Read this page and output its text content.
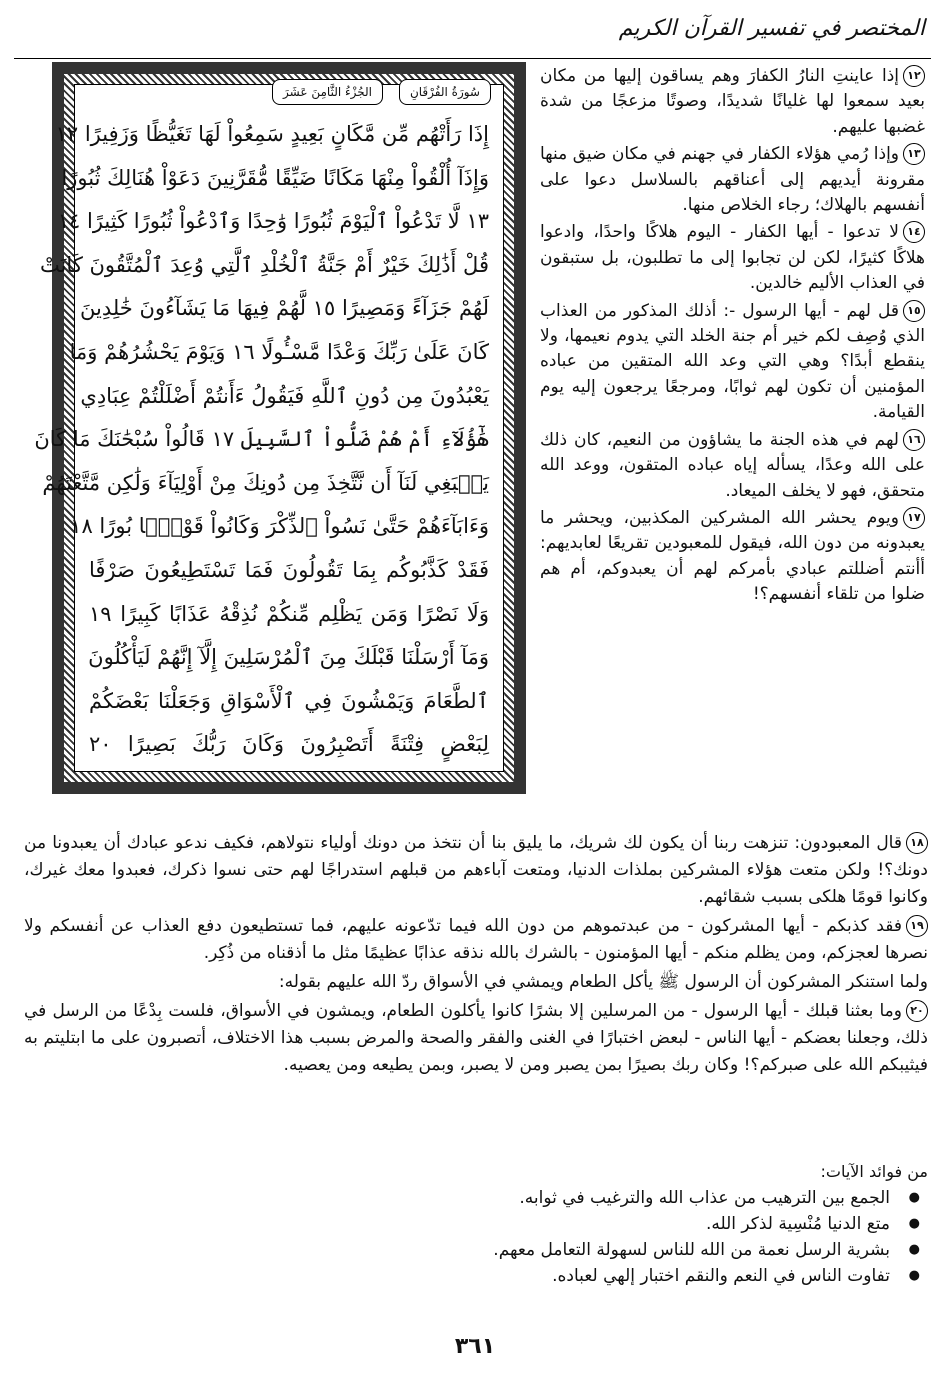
المختصر في تفسير القرآن الكريم
سُورَةُ الفُرْقَانِ
الجُزْءُ الثَّامِنَ عَشَرَ
إِذَا رَأَتْهُم مِّن مَّكَانٍ بَعِيدٍ سَمِعُواْ لَهَا تَغَيُّظًا وَزَفِيرًا ١٢
وَإِذَآ أُلْقُواْ مِنْهَا مَكَانًا ضَيِّقًا مُّقَرَّنِينَ دَعَوْاْ هُنَالِكَ ثُبُورًا
١٣ لَّا تَدْعُواْ ٱلْيَوْمَ ثُبُورًا وَٰحِدًا وَٱدْعُواْ ثُبُورًا كَثِيرًا ١٤
قُلْ أَذَٰلِكَ خَيْرٌ أَمْ جَنَّةُ ٱلْخُلْدِ ٱلَّتِي وُعِدَ ٱلْمُتَّقُونَ كَانَتْ
لَهُمْ جَزَآءً وَمَصِيرًا ١٥ لَّهُمْ فِيهَا مَا يَشَآءُونَ خَٰلِدِينَ
كَانَ عَلَىٰ رَبِّكَ وَعْدًا مَّسْـُٔولًا ١٦ وَيَوْمَ يَحْشُرُهُمْ وَمَا
يَعْبُدُونَ مِن دُونِ ٱللَّهِ فَيَقُولُ ءَأَنتُمْ أَضْلَلْتُمْ عِبَادِي
هَٰٓؤُلَآءِ أَمْ هُمْ ضَلُّواْ ٱلسَّبِيلَ ١٧ قَالُواْ سُبْحَٰنَكَ مَا كَانَ
يَنۢبَغِي لَنَآ أَن نَّتَّخِذَ مِن دُونِكَ مِنْ أَوْلِيَآءَ وَلَٰكِن مَّتَّعْتَهُمْ
وَءَابَآءَهُمْ حَتَّىٰ نَسُواْ ٱلذِّكْرَ وَكَانُواْ قَوْمًۢا بُورًا ١٨
فَقَدْ كَذَّبُوكُم بِمَا تَقُولُونَ فَمَا تَسْتَطِيعُونَ صَرْفًا
وَلَا نَصْرًا وَمَن يَظْلِم مِّنكُمْ نُذِقْهُ عَذَابًا كَبِيرًا ١٩
وَمَآ أَرْسَلْنَا قَبْلَكَ مِنَ ٱلْمُرْسَلِينَ إِلَّآ إِنَّهُمْ لَيَأْكُلُونَ
ٱلطَّعَامَ وَيَمْشُونَ فِي ٱلْأَسْوَاقِ وَجَعَلْنَا بَعْضَكُمْ
لِبَعْضٍ فِتْنَةً أَتَصْبِرُونَ وَكَانَ رَبُّكَ بَصِيرًا ٢٠
١٢إذا عاينتِ النارُ الكفارَ وهم يساقون إليها من مكان بعيد سمعوا لها غليانًا شديدًا، وصوتًا مزعجًا من شدة غضبها عليهم.
١٣وإذا رُمي هؤلاء الكفار في جهنم في مكان ضيق منها مقرونة أيديهم إلى أعناقهم بالسلاسل دعوا على أنفسهم بالهلاك؛ رجاء الخلاص منها.
١٤لا تدعوا - أيها الكفار - اليوم هلاكًا واحدًا، وادعوا هلاكًا كثيرًا، لكن لن تجابوا إلى ما تطلبون، بل ستبقون في العذاب الأليم خالدين.
١٥قل لهم - أيها الرسول -: أذلك المذكور من العذاب الذي وُصِف لكم خير أم جنة الخلد التي يدوم نعيمها، ولا ينقطع أبدًا؟ وهي التي وعد الله المتقين من عباده المؤمنين أن تكون لهم ثوابًا، ومرجعًا يرجعون إليه يوم القيامة.
١٦لهم في هذه الجنة ما يشاؤون من النعيم، كان ذلك على الله وعدًا، يسأله إياه عباده المتقون، ووعد الله متحقق، فهو لا يخلف الميعاد.
١٧ويوم يحشر الله المشركين المكذبين، ويحشر ما يعبدونه من دون الله، فيقول للمعبودين تقريعًا لعابديهم: أأنتم أضللتم عبادي بأمركم لهم أن يعبدوكم، أم هم ضلوا من تلقاء أنفسهم؟!
١٨قال المعبودون: تنزهت ربنا أن يكون لك شريك، ما يليق بنا أن نتخذ من دونك أولياء نتولاهم، فكيف ندعو عبادك أن يعبدونا من دونك؟! ولكن متعت هؤلاء المشركين بملذات الدنيا، ومتعت آباءهم من قبلهم استدراجًا لهم حتى نسوا ذكرك، فعبدوا معك غيرك، وكانوا قومًا هلكى بسبب شقائهم.
١٩فقد كذبكم - أيها المشركون - من عبدتموهم من دون الله فيما تدّعونه عليهم، فما تستطيعون دفع العذاب عن أنفسكم ولا نصرها لعجزكم، ومن يظلم منكم - أيها المؤمنون - بالشرك بالله نذقه عذابًا عظيمًا مثل ما أذقناه من ذُكِر.
ولما استنكر المشركون أن الرسول ﷺ يأكل الطعام ويمشي في الأسواق ردّ الله عليهم بقوله:
٢٠وما بعثنا قبلك - أيها الرسول - من المرسلين إلا بشرًا كانوا يأكلون الطعام، ويمشون في الأسواق، فلست بِدْعًا من الرسل في ذلك، وجعلنا بعضكم - أيها الناس - لبعض اختبارًا في الغنى والفقر والصحة والمرض بسبب هذا الاختلاف، أتصبرون على ما ابتليتم به فيثيبكم الله على صبركم؟! وكان ربك بصيرًا بمن يصبر ومن لا يصبر، وبمن يطيعه ومن يعصيه.
من فوائد الآيات:
● الجمع بين الترهيب من عذاب الله والترغيب في ثوابه.
● متع الدنيا مُنْسِية لذكر الله.
● بشرية الرسل نعمة من الله للناس لسهولة التعامل معهم.
● تفاوت الناس في النعم والنقم اختبار إلهي لعباده.
٣٦١
